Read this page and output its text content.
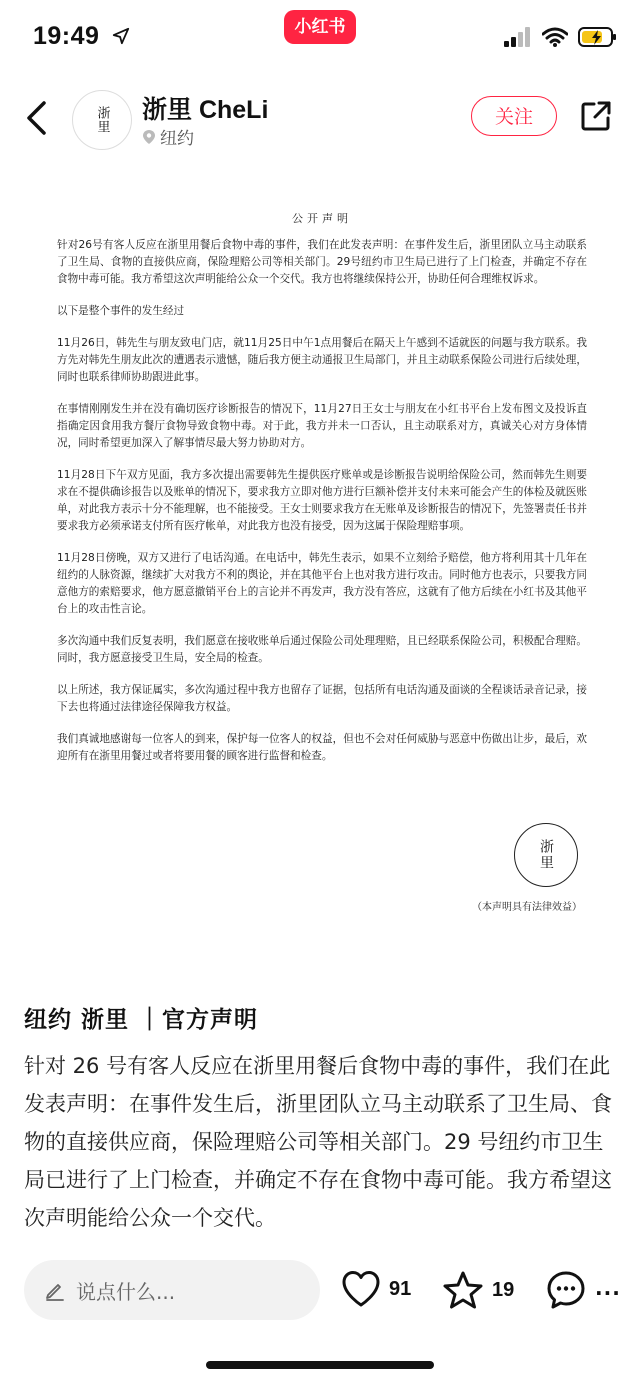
19:49	小红书
浙里 浙里 CheLi
纽约
关注
公开声明

针对26号有客人反应在浙里用餐后食物中毒的事件，我们在此发表声明：在事件发生后，浙里团队立马主动联系了卫生局、食物的直接供应商，保险理赔公司等相关部门。29号纽约市卫生局已进行了上门检查，并确定不存在食物中毒可能。我方希望这次声明能给公众一个交代。我方也将继续保持公开，协助任何合理维权诉求。

以下是整个事件的发生经过

11月26日，韩先生与朋友致电门店，就11月25日中午1点用餐后在隔天上午感到不适就医的问题与我方联系。我方先对韩先生朋友此次的遭遇表示遗憾，随后我方便主动通报卫生局部门，并且主动联系保险公司进行后续处理，同时也联系律师协助跟进此事。

在事情刚刚发生并在没有确切医疗诊断报告的情况下，11月27日王女士与朋友在小红书平台上发布图文及投诉直指确定因食用我方餐厅食物导致食物中毒。对于此，我方并未一口否认，且主动联系对方，真诚关心对方身体情况，同时希望更加深入了解事情尽最大努力协助对方。

11月28日下午双方见面，我方多次提出需要韩先生提供医疗账单或是诊断报告说明给保险公司，然而韩先生则要求在不提供确诊报告以及账单的情况下，要求我方立即对他方进行巨额补偿并支付未来可能会产生的体检及就医账单，对此我方表示十分不能理解，也不能接受。王女士则要求我方在无账单及诊断报告的情况下，先签署责任书并要求我方必须承诺支付所有医疗帐单，对此我方也没有接受，因为这属于保险理赔事项。

11月28日傍晚，双方又进行了电话沟通。在电话中，韩先生表示，如果不立刻给予赔偿，他方将利用其十几年在纽约的人脉资源，继续扩大对我方不利的舆论，并在其他平台上也对我方进行攻击。同时他方也表示，只要我方同意他方的索赔要求，他方愿意撤销平台上的言论并不再发声，我方没有答应，这就有了他方后续在小红书及其他平台上的攻击性言论。

多次沟通中我们反复表明，我们愿意在接收账单后通过保险公司处理理赔，且已经联系保险公司，积极配合理赔。同时，我方愿意接受卫生局，安全局的检查。

以上所述，我方保证属实，多次沟通过程中我方也留存了证据，包括所有电话沟通及面谈的全程谈话录音记录，接下去也将通过法律途径保障我方权益。

我们真诚地感谢每一位客人的到来，保护每一位客人的权益，但也不会对任何威胁与恶意中伤做出让步，最后，欢迎所有在浙里用餐过或者将要用餐的顾客进行监督和检查。

浙里
（本声明具有法律效益）
纽约 浙里 ｜官方声明
针对 26 号有客人反应在浙里用餐后食物中毒的事件，我们在此发表声明：在事件发生后，浙里团队立马主动联系了卫生局、食物的直接供应商，保险理赔公司等相关部门。29 号纽约市卫生局已进行了上门检查，并确定不存在食物中毒可能。我方希望这次声明能给公众一个交代。
说点什么...	91	19	...
